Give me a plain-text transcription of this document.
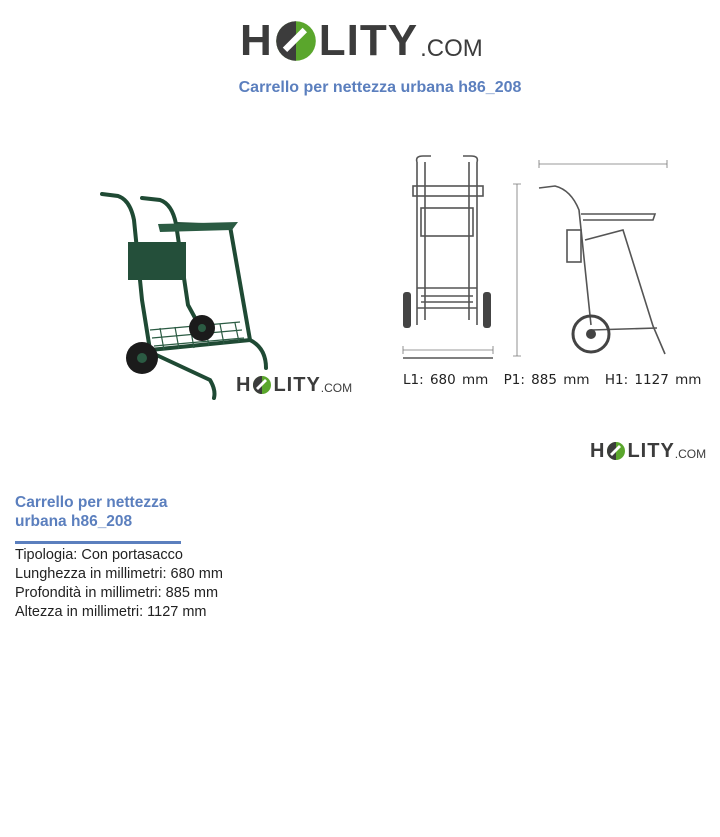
H LITY .COM
Carrello per nettezza urbana h86_208
H LITY .COM	L1: 680 mm P1: 885 mm H1: 1127 mm
H LITY .COM
Carrello per nettezza
urbana h86_208
Tipologia: Con portasacco
Lunghezza in millimetri: 680 mm
Profondità in millimetri: 885 mm
Altezza in millimetri: 1127 mm
